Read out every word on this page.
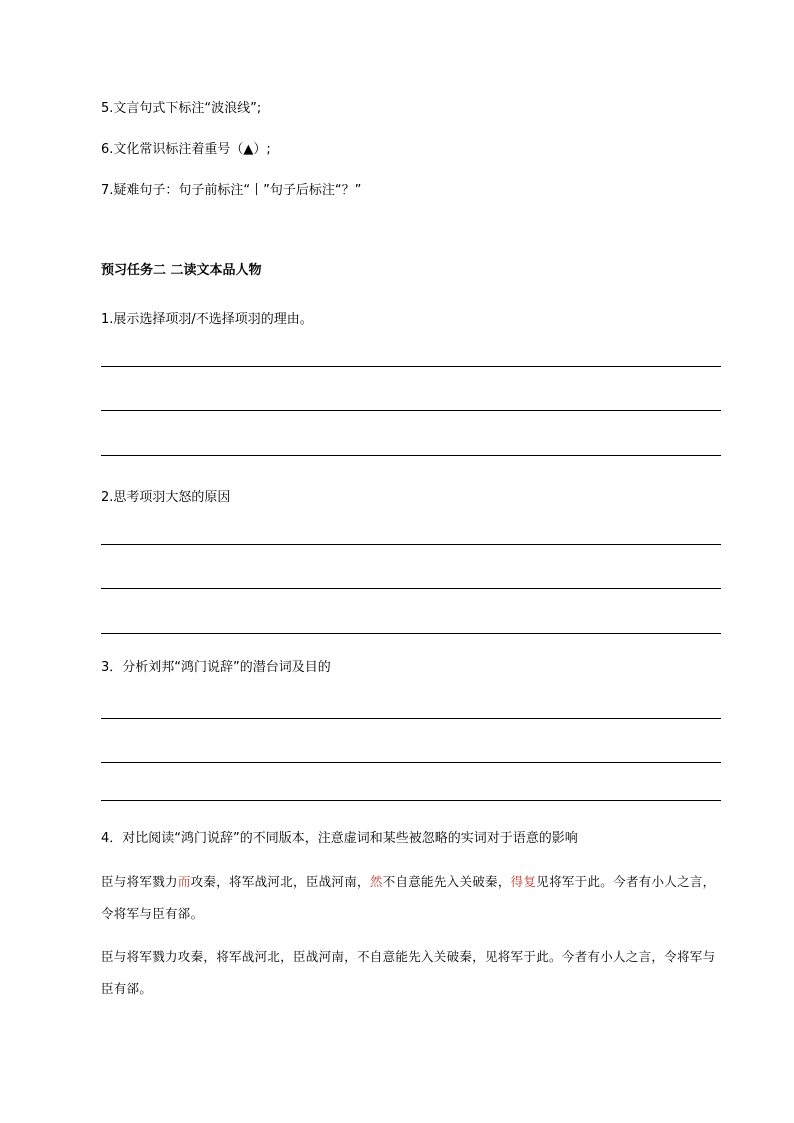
5.文言句式下标注“波浪线”;
6.文化常识标注着重号（▲）;
7.疑难句子：句子前标注“丨”句子后标注“？”
预习任务二 二读文本品人物
1.展示选择项羽/不选择项羽的理由。
2.思考项羽大怒的原因
3．分析刘邦“鸿门说辞”的潜台词及目的
4．对比阅读“鸿门说辞”的不同版本，注意虚词和某些被忽略的实词对于语意的影响
臣与将军戮力而攻秦，将军战河北，臣战河南，然不自意能先入关破秦，得复见将军于此。今者有小人之言，令将军与臣有郤。
臣与将军戮力攻秦，将军战河北，臣战河南，不自意能先入关破秦，见将军于此。今者有小人之言，令将军与臣有郤。
